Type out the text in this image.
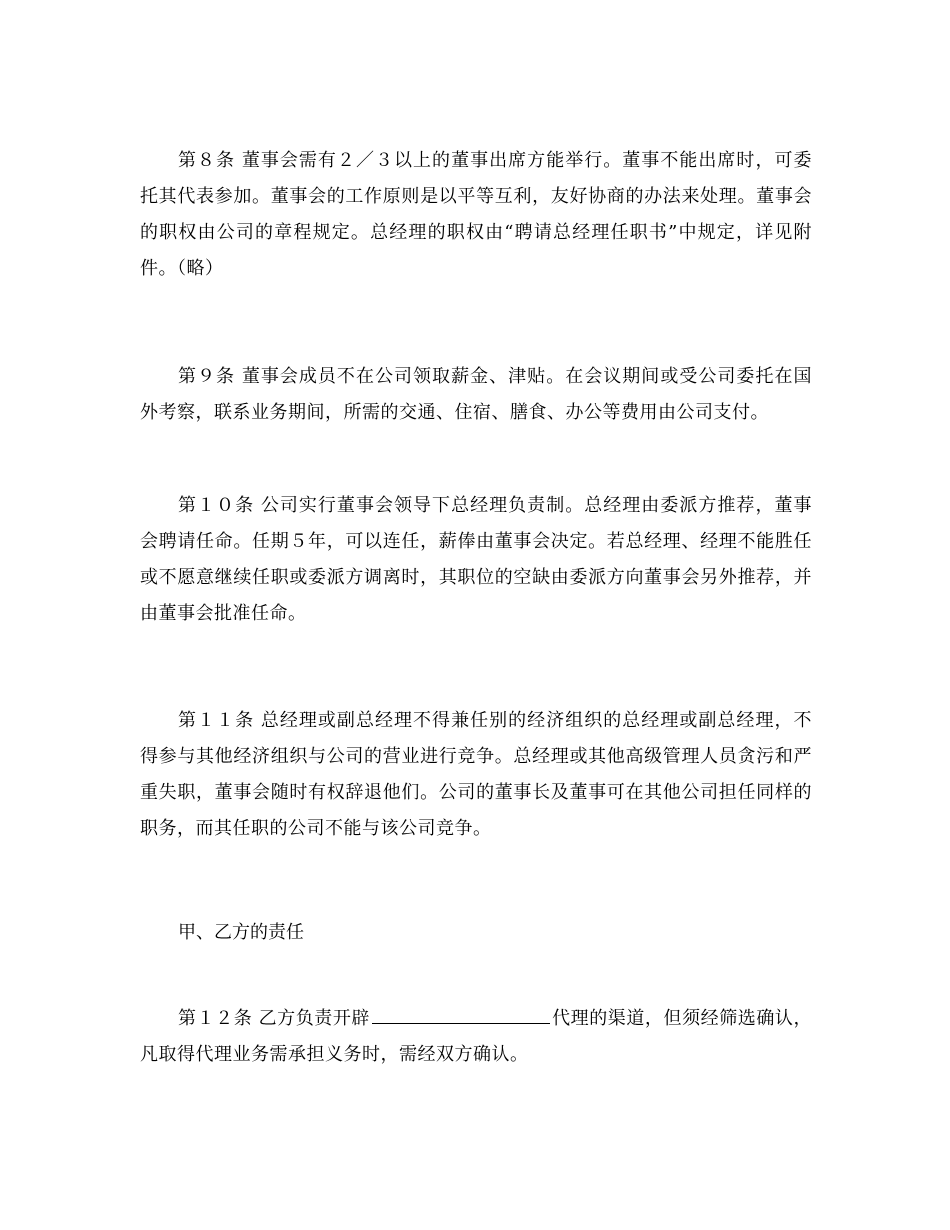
第８条 董事会需有２／３以上的董事出席方能举行。董事不能出席时，可委托其代表参加。董事会的工作原则是以平等互利，友好协商的办法来处理。董事会的职权由公司的章程规定。总经理的职权由“聘请总经理任职书”中规定，详见附件。（略）

第９条 董事会成员不在公司领取薪金、津贴。在会议期间或受公司委托在国外考察，联系业务期间，所需的交通、住宿、膳食、办公等费用由公司支付。

第１０条 公司实行董事会领导下总经理负责制。总经理由委派方推荐，董事会聘请任命。任期５年，可以连任，薪俸由董事会决定。若总经理、经理不能胜任或不愿意继续任职或委派方调离时，其职位的空缺由委派方向董事会另外推荐，并由董事会批准任命。

第１１条 总经理或副总经理不得兼任别的经济组织的总经理或副总经理，不得参与其他经济组织与公司的营业进行竞争。总经理或其他高级管理人员贪污和严重失职，董事会随时有权辞退他们。公司的董事长及董事可在其他公司担任同样的职务，而其任职的公司不能与该公司竞争。

甲、乙方的责任

第１２条 乙方负责开辟	代理的渠道，但须经筛选确认，凡取得代理业务需承担义务时，需经双方确认。
